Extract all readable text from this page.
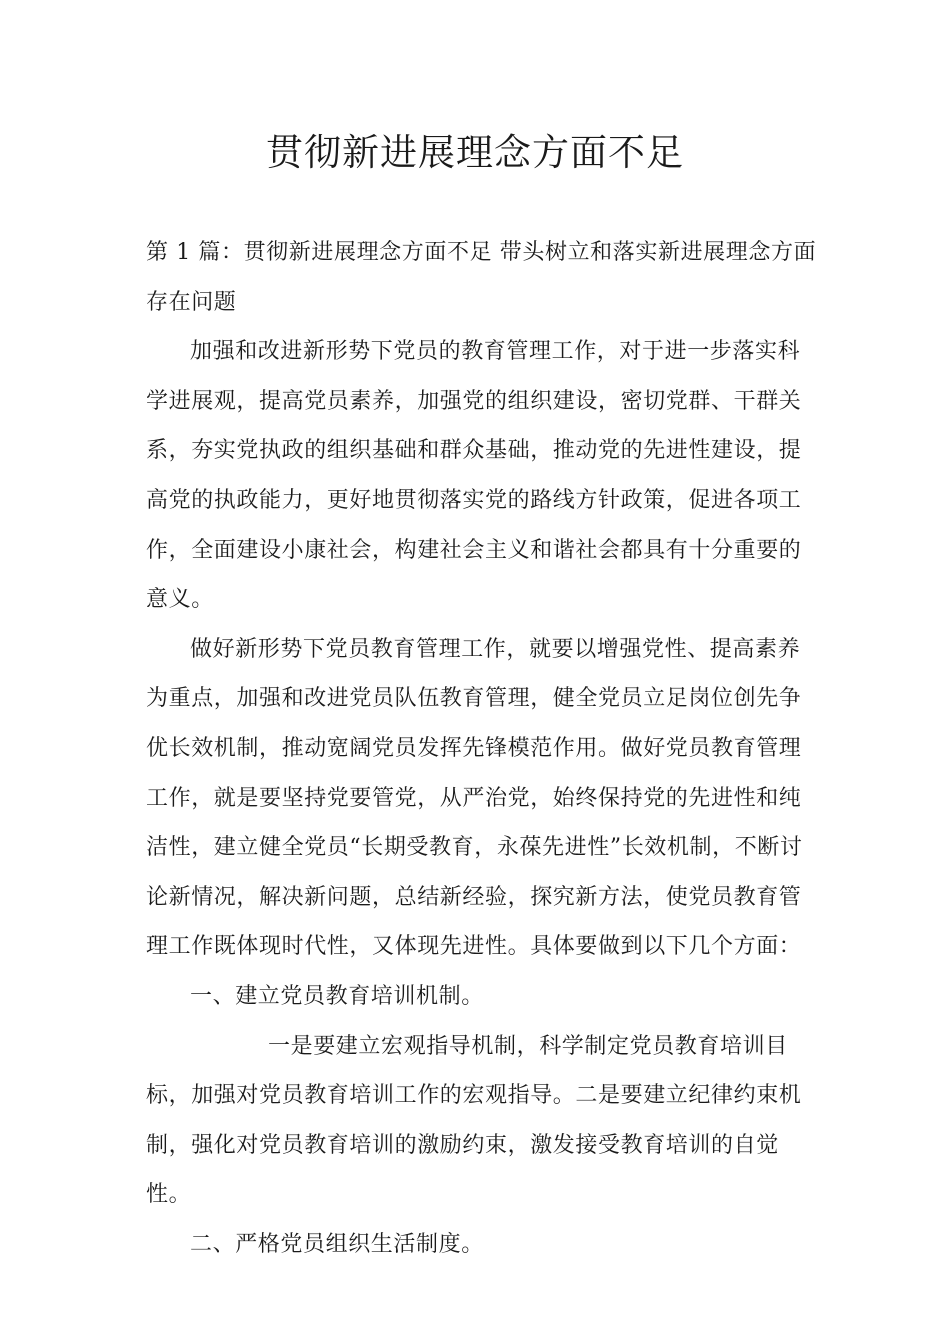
贯彻新进展理念方面不足

第 1 篇：贯彻新进展理念方面不足 带头树立和落实新进展理念方面存在问题

加强和改进新形势下党员的教育管理工作，对于进一步落实科学进展观，提高党员素养，加强党的组织建设，密切党群、干群关系，夯实党执政的组织基础和群众基础，推动党的先进性建设，提高党的执政能力，更好地贯彻落实党的路线方针政策，促进各项工作，全面建设小康社会，构建社会主义和谐社会都具有十分重要的意义。

做好新形势下党员教育管理工作，就要以增强党性、提高素养为重点，加强和改进党员队伍教育管理，健全党员立足岗位创先争优长效机制，推动宽阔党员发挥先锋模范作用。做好党员教育管理工作，就是要坚持党要管党，从严治党，始终保持党的先进性和纯洁性，建立健全党员“长期受教育，永葆先进性”长效机制，不断讨论新情况，解决新问题，总结新经验，探究新方法，使党员教育管理工作既体现时代性，又体现先进性。具体要做到以下几个方面：

一、建立党员教育培训机制。

一是要建立宏观指导机制，科学制定党员教育培训目标，加强对党员教育培训工作的宏观指导。二是要建立纪律约束机制，强化对党员教育培训的激励约束，激发接受教育培训的自觉性。

二、严格党员组织生活制度。
